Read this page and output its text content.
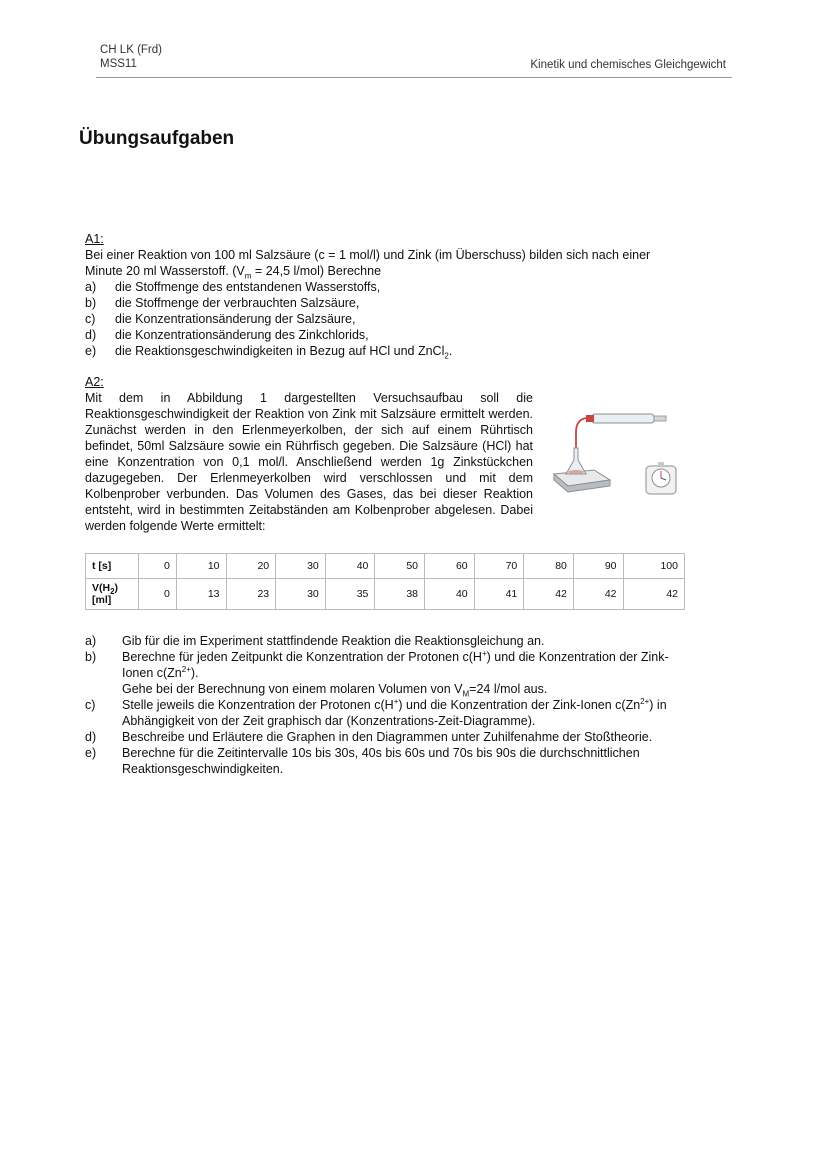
CH LK (Frd)
MSS11	Kinetik und chemisches Gleichgewicht
Übungsaufgaben
A1:
Bei einer Reaktion von 100 ml Salzsäure (c = 1 mol/l) und Zink (im Überschuss) bilden sich nach einer Minute 20 ml Wasserstoff. ($V_m = 24,5$ l/mol) Berechne
a)	die Stoffmenge des entstandenen Wasserstoffs,
b)	die Stoffmenge der verbrauchten Salzsäure,
c)	die Konzentrationsänderung der Salzsäure,
d)	die Konzentrationsänderung des Zinkchlorids,
e)	die Reaktionsgeschwindigkeiten in Bezug auf HCl und ZnCl$_2$.
A2:
Mit dem in Abbildung 1 dargestellten Versuchsaufbau soll die Reaktionsgeschwindigkeit der Reaktion von Zink mit Salzsäure ermittelt werden. Zunächst werden in den Erlenmeyerkolben, der sich auf einem Rührtisch befindet, 50ml Salzsäure sowie ein Rührfisch gegeben. Die Salzsäure (HCl) hat eine Konzentration von 0,1 mol/l. Anschließend werden 1g Zinkstückchen dazugegeben. Der Erlenmeyerkolben wird verschlossen und mit dem Kolbenprober verbunden. Das Volumen des Gases, das bei dieser Reaktion entsteht, wird in bestimmten Zeitabständen am Kolbenprober abgelesen. Dabei werden folgende Werte ermittelt:
t [s]	0	10	20	30	40	50	60	70	80	90	100
$V(H_2)$
[ml]	0	13	23	30	35	38	40	41	42	42	42
a)	Gib für die im Experiment stattfindende Reaktion die Reaktionsgleichung an.
b)	Berechne für jeden Zeitpunkt die Konzentration der Protonen c(H+) und die Konzentration der Zink-Ionen $c(Zn^{2+})$.
Gehe bei der Berechnung von einem molaren Volumen von $V_M=24$ l/mol aus.
c)	Stelle jeweils die Konzentration der Protonen c(H+) und die Konzentration der Zink-Ionen $c(Zn^{2+})$ in Abhängigkeit von der Zeit graphisch dar (Konzentrations-Zeit-Diagramme).
d)	Beschreibe und Erläutere die Graphen in den Diagrammen unter Zuhilfenahme der Stoßtheorie.
e)	Berechne für die Zeitintervalle 10s bis 30s, 40s bis 60s und 70s bis 90s die durchschnittlichen Reaktionsgeschwindigkeiten.
